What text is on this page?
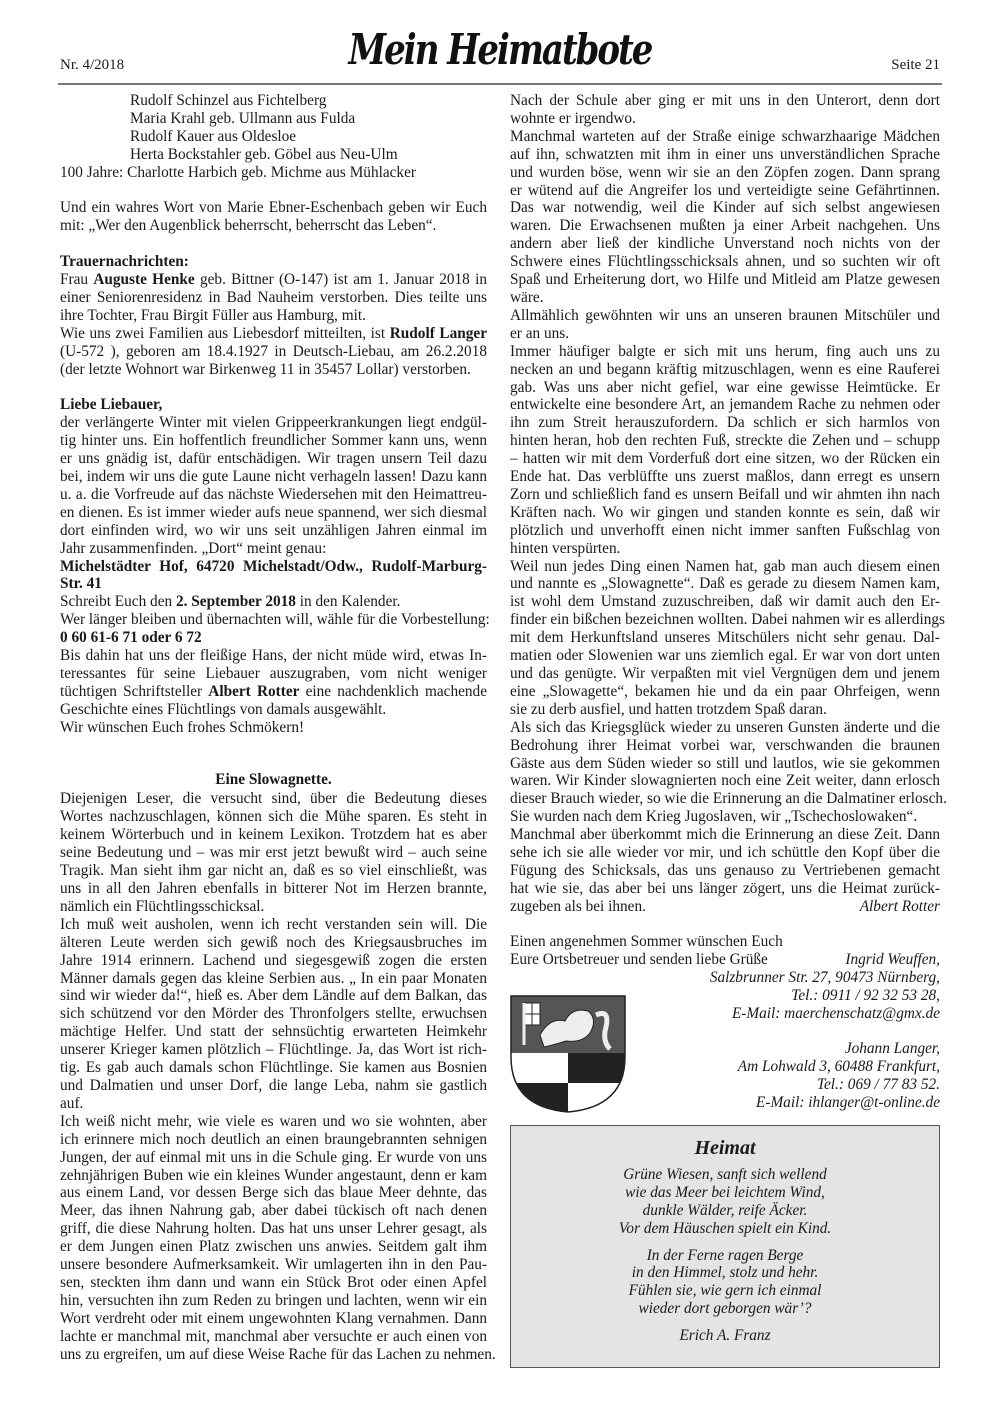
Nr. 4/2018	Mein Heimatbote	Seite 21
Rudolf Schinzel aus Fichtelberg
Maria Krahl geb. Ullmann aus Fulda
Rudolf Kauer aus Oldesloe
Herta Bockstahler geb. Göbel aus Neu-Ulm
100 Jahre: Charlotte Harbich geb. Michme aus Mühlacker
Und ein wahres Wort von Marie Ebner-Eschenbach geben wir Euch
mit: „Wer den Augenblick beherrscht, beherrscht das Leben“.
Trauernachrichten:
Frau Auguste Henke geb. Bittner (O-147) ist am 1. Januar 2018 in
einer Seniorenresidenz in Bad Nauheim verstorben. Dies teilte uns
ihre Tochter, Frau Birgit Füller aus Hamburg, mit.
Wie uns zwei Familien aus Liebesdorf mitteilten, ist Rudolf Langer
(U-572 ), geboren am 18.4.1927 in Deutsch-Liebau, am 26.2.2018
(der letzte Wohnort war Birkenweg 11 in 35457 Lollar) verstorben.
Liebe Liebauer,
der verlängerte Winter mit vielen Grippeerkrankungen liegt endgül-
tig hinter uns. Ein hoffentlich freundlicher Sommer kann uns, wenn
er uns gnädig ist, dafür entschädigen. Wir tragen unsern Teil dazu
bei, indem wir uns die gute Laune nicht verhageln lassen! Dazu kann
u. a. die Vorfreude auf das nächste Wiedersehen mit den Heimattreu-
en dienen. Es ist immer wieder aufs neue spannend, wer sich diesmal
dort einfinden wird, wo wir uns seit unzähligen Jahren einmal im
Jahr zusammenfinden. „Dort“ meint genau:
Michelstädter Hof, 64720 Michelstadt/Odw., Rudolf-Marburg-
Str. 41
Schreibt Euch den 2. September 2018 in den Kalender.
Wer länger bleiben und übernachten will, wähle für die Vorbestellung:
0 60 61-6 71 oder 6 72
Bis dahin hat uns der fleißige Hans, der nicht müde wird, etwas In-
teressantes für seine Liebauer auszugraben, vom nicht weniger
tüchtigen Schriftsteller Albert Rotter eine nachdenklich machende
Geschichte eines Flüchtlings von damals ausgewählt.
Wir wünschen Euch frohes Schmökern!
Eine Slowagnette.
Diejenigen Leser, die versucht sind, über die Bedeutung dieses
Wortes nachzuschlagen, können sich die Mühe sparen. Es steht in
keinem Wörterbuch und in keinem Lexikon. Trotzdem hat es aber
seine Bedeutung und – was mir erst jetzt bewußt wird – auch seine
Tragik. Man sieht ihm gar nicht an, daß es so viel einschließt, was
uns in all den Jahren ebenfalls in bitterer Not im Herzen brannte,
nämlich ein Flüchtlingsschicksal.
Ich muß weit ausholen, wenn ich recht verstanden sein will. Die
älteren Leute werden sich gewiß noch des Kriegsausbruches im
Jahre 1914 erinnern. Lachend und siegesgewiß zogen die ersten
Männer damals gegen das kleine Serbien aus. „ In ein paar Monaten
sind wir wieder da!“, hieß es. Aber dem Ländle auf dem Balkan, das
sich schützend vor den Mörder des Thronfolgers stellte, erwuchsen
mächtige Helfer. Und statt der sehnsüchtig erwarteten Heimkehr
unserer Krieger kamen plötzlich – Flüchtlinge. Ja, das Wort ist rich-
tig. Es gab auch damals schon Flüchtlinge. Sie kamen aus Bosnien
und Dalmatien und unser Dorf, die lange Leba, nahm sie gastlich
auf.
Ich weiß nicht mehr, wie viele es waren und wo sie wohnten, aber
ich erinnere mich noch deutlich an einen braungebrannten sehnigen
Jungen, der auf einmal mit uns in die Schule ging. Er wurde von uns
zehnjährigen Buben wie ein kleines Wunder angestaunt, denn er kam
aus einem Land, vor dessen Berge sich das blaue Meer dehnte, das
Meer, das ihnen Nahrung gab, aber dabei tückisch oft nach denen
griff, die diese Nahrung holten. Das hat uns unser Lehrer gesagt, als
er dem Jungen einen Platz zwischen uns anwies. Seitdem galt ihm
unsere besondere Aufmerksamkeit. Wir umlagerten ihn in den Pau-
sen, steckten ihm dann und wann ein Stück Brot oder einen Apfel
hin, versuchten ihn zum Reden zu bringen und lachten, wenn wir ein
Wort verdreht oder mit einem ungewohnten Klang vernahmen. Dann
lachte er manchmal mit, manchmal aber versuchte er auch einen von
uns zu ergreifen, um auf diese Weise Rache für das Lachen zu nehmen.
Nach der Schule aber ging er mit uns in den Unterort, denn dort
wohnte er irgendwo.
Manchmal warteten auf der Straße einige schwarzhaarige Mädchen
auf ihn, schwatzten mit ihm in einer uns unverständlichen Sprache
und wurden böse, wenn wir sie an den Zöpfen zogen. Dann sprang
er wütend auf die Angreifer los und verteidigte seine Gefährtinnen.
Das war notwendig, weil die Kinder auf sich selbst angewiesen
waren. Die Erwachsenen mußten ja einer Arbeit nachgehen. Uns
andern aber ließ der kindliche Unverstand noch nichts von der
Schwere eines Flüchtlingsschicksals ahnen, und so suchten wir oft
Spaß und Erheiterung dort, wo Hilfe und Mitleid am Platze gewesen
wäre.
Allmählich gewöhnten wir uns an unseren braunen Mitschüler und
er an uns.
Immer häufiger balgte er sich mit uns herum, fing auch uns zu
necken an und begann kräftig mitzuschlagen, wenn es eine Rauferei
gab. Was uns aber nicht gefiel, war eine gewisse Heimtücke. Er
entwickelte eine besondere Art, an jemandem Rache zu nehmen oder
ihn zum Streit herauszufordern. Da schlich er sich harmlos von
hinten heran, hob den rechten Fuß, streckte die Zehen und – schupp
– hatten wir mit dem Vorderfuß dort eine sitzen, wo der Rücken ein
Ende hat. Das verblüffte uns zuerst maßlos, dann erregt es unsern
Zorn und schließlich fand es unsern Beifall und wir ahmten ihn nach
Kräften nach. Wo wir gingen und standen konnte es sein, daß wir
plötzlich und unverhofft einen nicht immer sanften Fußschlag von
hinten verspürten.
Weil nun jedes Ding einen Namen hat, gab man auch diesem einen
und nannte es „Slowagnette“. Daß es gerade zu diesem Namen kam,
ist wohl dem Umstand zuzuschreiben, daß wir damit auch den Er-
finder ein bißchen bezeichnen wollten. Dabei nahmen wir es allerdings
mit dem Herkunftsland unseres Mitschülers nicht sehr genau. Dal-
matien oder Slowenien war uns ziemlich egal. Er war von dort unten
und das genügte. Wir verpaßten mit viel Vergnügen dem und jenem
eine „Slowagette“, bekamen hie und da ein paar Ohrfeigen, wenn
sie zu derb ausfiel, und hatten trotzdem Spaß daran.
Als sich das Kriegsglück wieder zu unseren Gunsten änderte und die
Bedrohung ihrer Heimat vorbei war, verschwanden die braunen
Gäste aus dem Süden wieder so still und lautlos, wie sie gekommen
waren. Wir Kinder slowagnierten noch eine Zeit weiter, dann erlosch
dieser Brauch wieder, so wie die Erinnerung an die Dalmatiner erlosch.
Sie wurden nach dem Krieg Jugoslaven, wir „Tschechoslowaken“.
Manchmal aber überkommt mich die Erinnerung an diese Zeit. Dann
sehe ich sie alle wieder vor mir, und ich schüttle den Kopf über die
Fügung des Schicksals, das uns genauso zu Vertriebenen gemacht
hat wie sie, das aber bei uns länger zögert, uns die Heimat zurück-
zugeben als bei ihnen.	Albert Rotter
Einen angenehmen Sommer wünschen Euch
Eure Ortsbetreuer und senden liebe Grüße	Ingrid Weuffen,
Salzbrunner Str. 27, 90473 Nürnberg,
Tel.: 0911 / 92 32 53 28,
E-Mail: maerchenschatz@gmx.de
Johann Langer,
Am Lohwald 3, 60488 Frankfurt,
Tel.: 069 / 77 83 52.
E-Mail: ihlanger@t-online.de
Heimat
Grüne Wiesen, sanft sich wellend
wie das Meer bei leichtem Wind,
dunkle Wälder, reife Äcker.
Vor dem Häuschen spielt ein Kind.
In der Ferne ragen Berge
in den Himmel, stolz und hehr.
Fühlen sie, wie gern ich einmal
wieder dort geborgen wär’?
Erich A. Franz
